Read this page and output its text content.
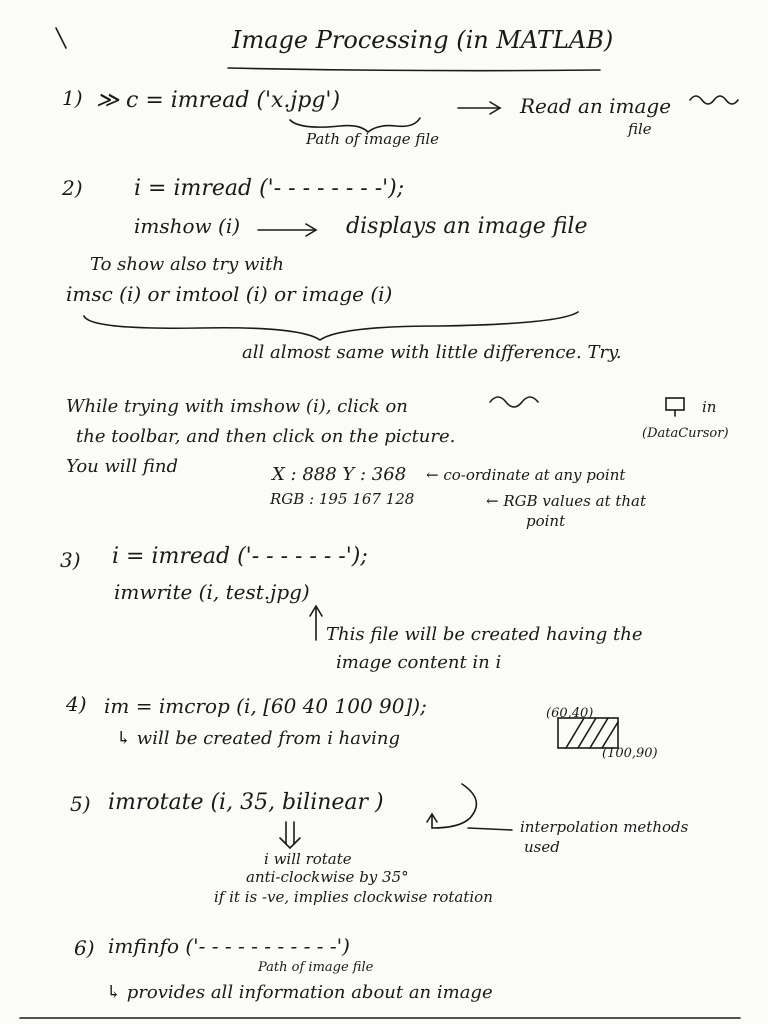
Image Processing (in MATLAB)
1) ≫ c = imread ('x.jpg')	Read an image
file
Path of image file
2) i = imread ('- - - - - - - -');
imshow (i)	displays an image file
To show also try with
imsc (i) or imtool (i) or image (i)
all almost same with little difference. Try.
While trying with imshow (i), click on	in
the toolbar, and then click on the picture.	(DataCursor)
You will find	X : 888 Y : 368 ← co-ordinate at any point
RGB : 195 167 128	← RGB values at that
point
3) i = imread ('- - - - - - -');
imwrite (i, test.jpg)
This file will be created having the
image content in i
4) im = imcrop (i, [60 40 100 90]);
↳ will be created from i having
(60,40)
(100,90)
5) imrotate (i, 35, bilinear )
interpolation methods
used
i will rotate
anti-clockwise by 35°
if it is -ve, implies clockwise rotation
6) imfinfo ('- - - - - - - - - - -')
Path of image file
↳ provides all information about an image
